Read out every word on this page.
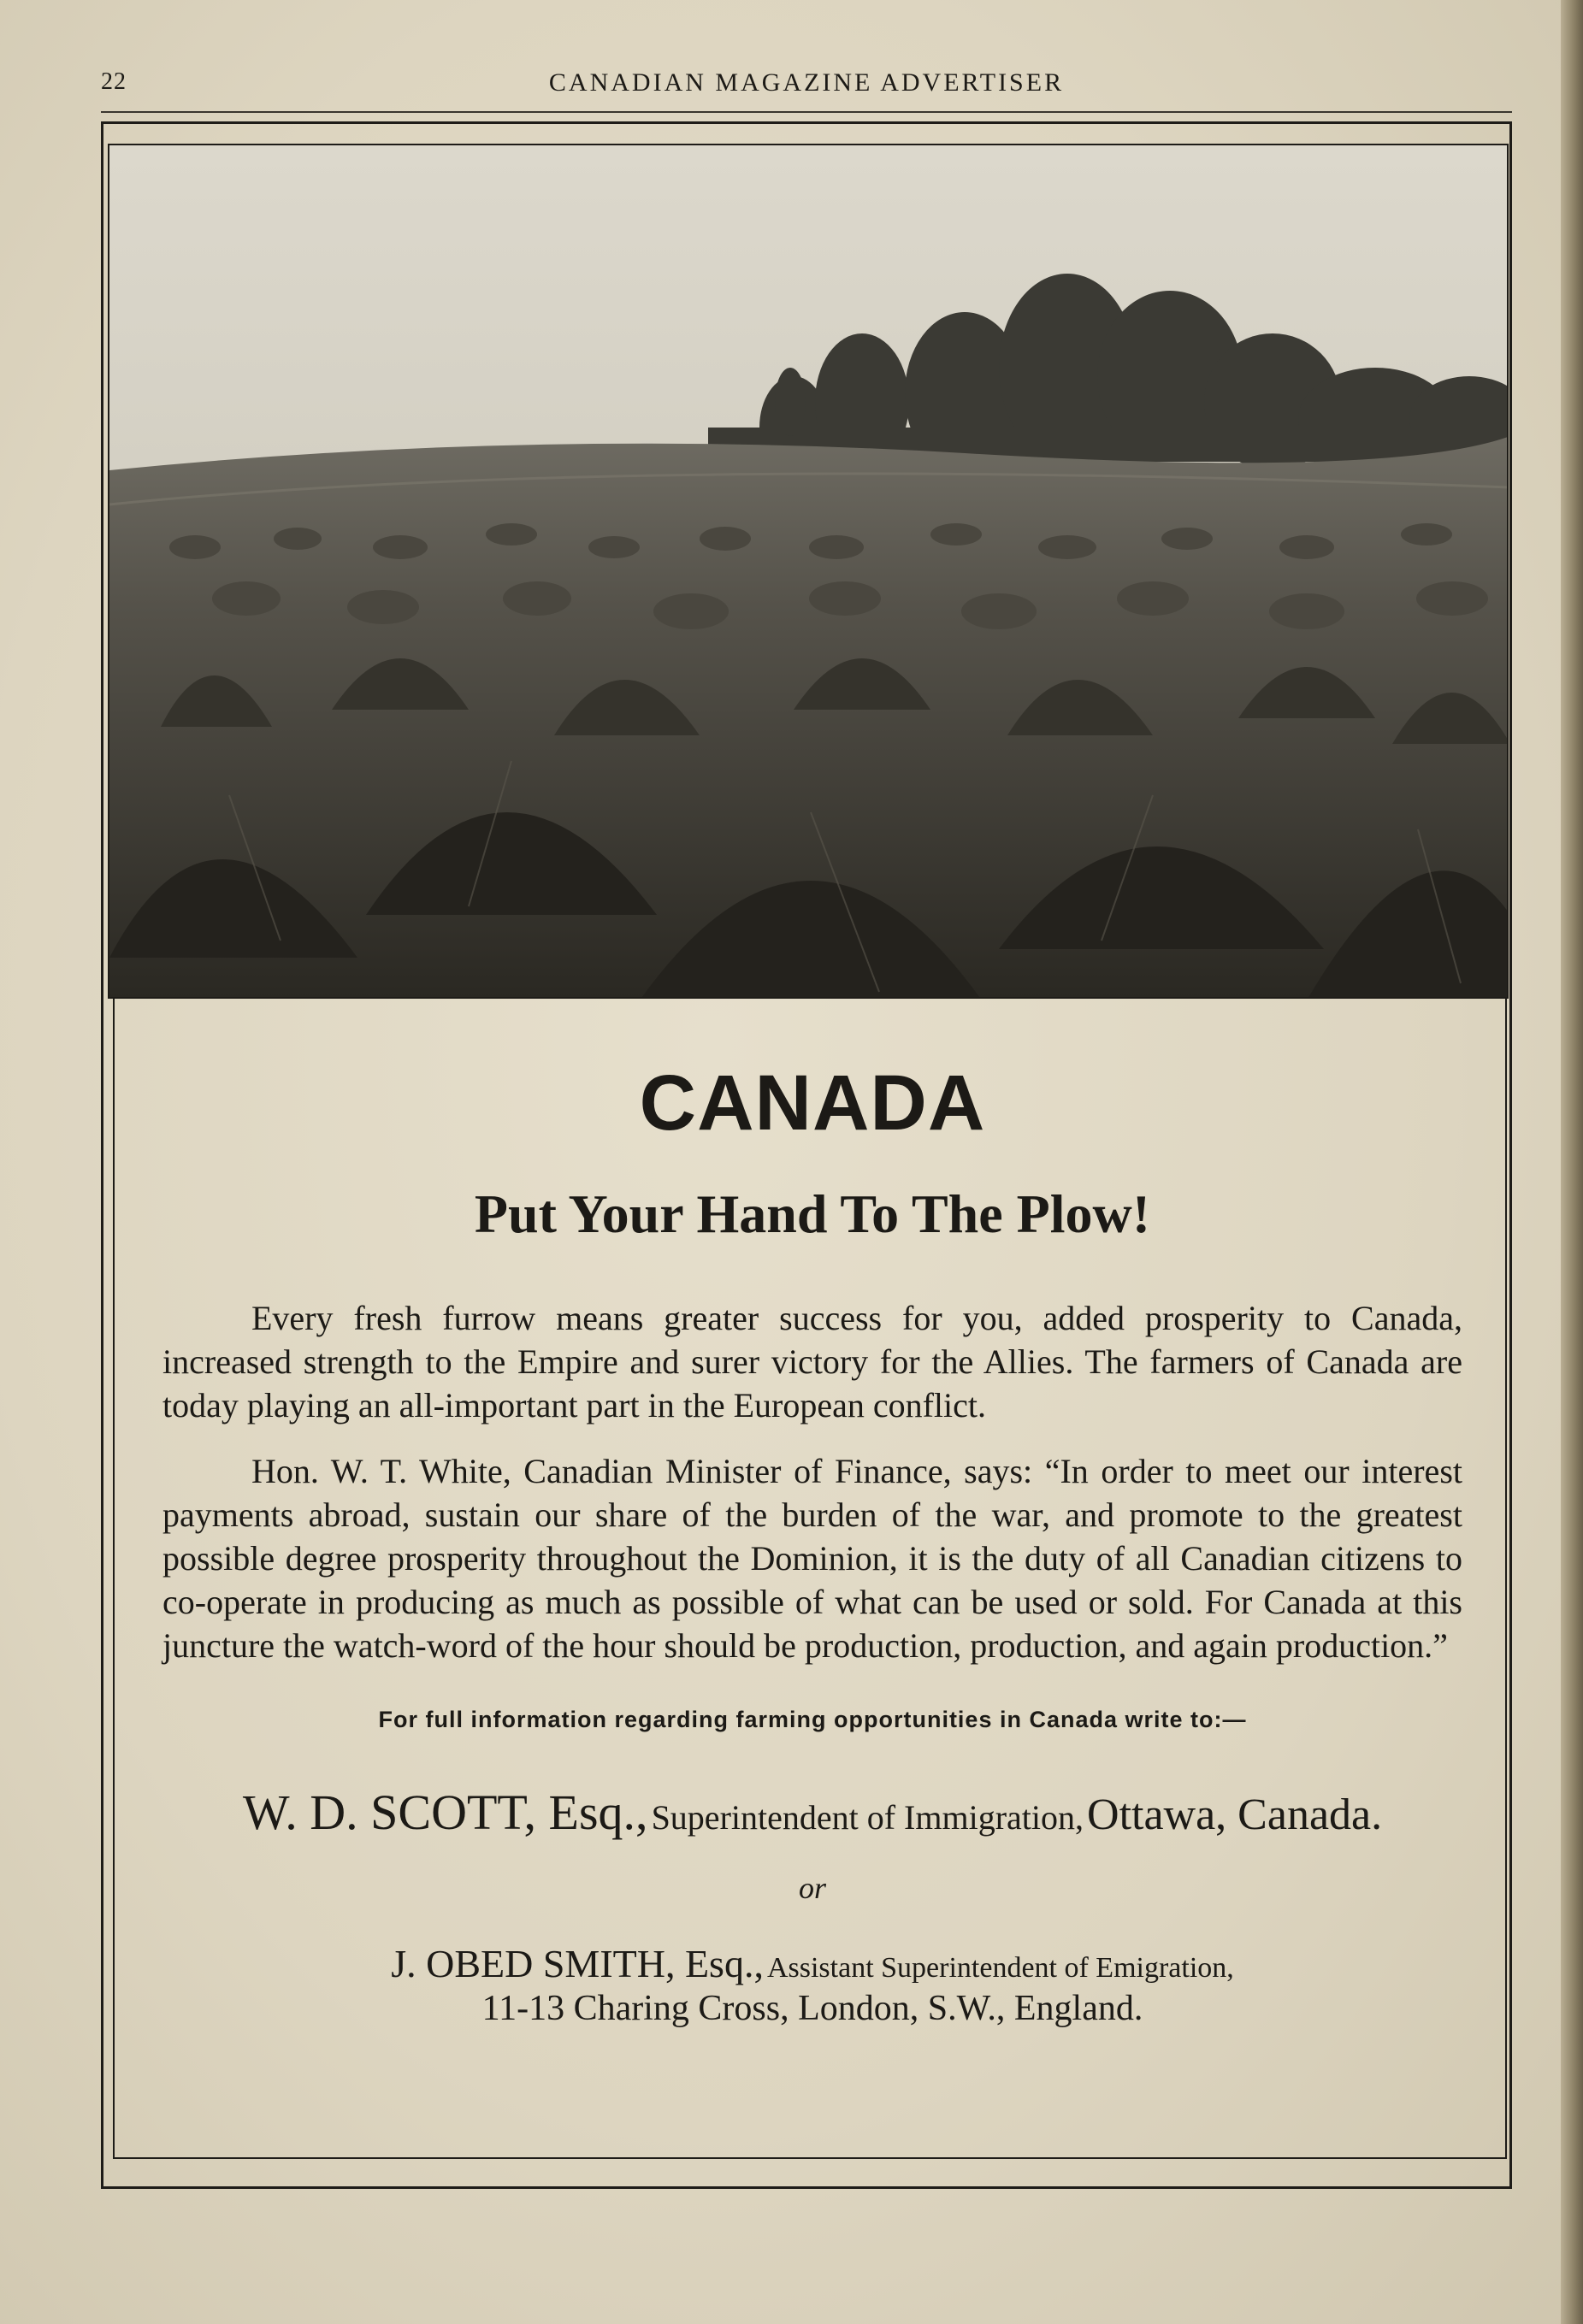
22	CANADIAN MAGAZINE ADVERTISER
CANADA
Put Your Hand To The Plow!

Every fresh furrow means greater success for you, added prosperity to Canada, increased strength to the Empire and surer victory for the Allies. The farmers of Canada are today playing an all-important part in the European conflict.

Hon. W. T. White, Canadian Minister of Finance, says: “In order to meet our interest payments abroad, sustain our share of the burden of the war, and promote to the greatest possible degree prosperity throughout the Dominion, it is the duty of all Canadian citizens to co-operate in producing as much as possible of what can be used or sold. For Canada at this juncture the watch-word of the hour should be production, production, and again production.”

For full information regarding farming opportunities in Canada write to:—

W. D. SCOTT, Esq., Superintendent of Immigration, Ottawa, Canada.

or

J. OBED SMITH, Esq., Assistant Superintendent of Emigration,
11-13 Charing Cross, London, S.W., England.
